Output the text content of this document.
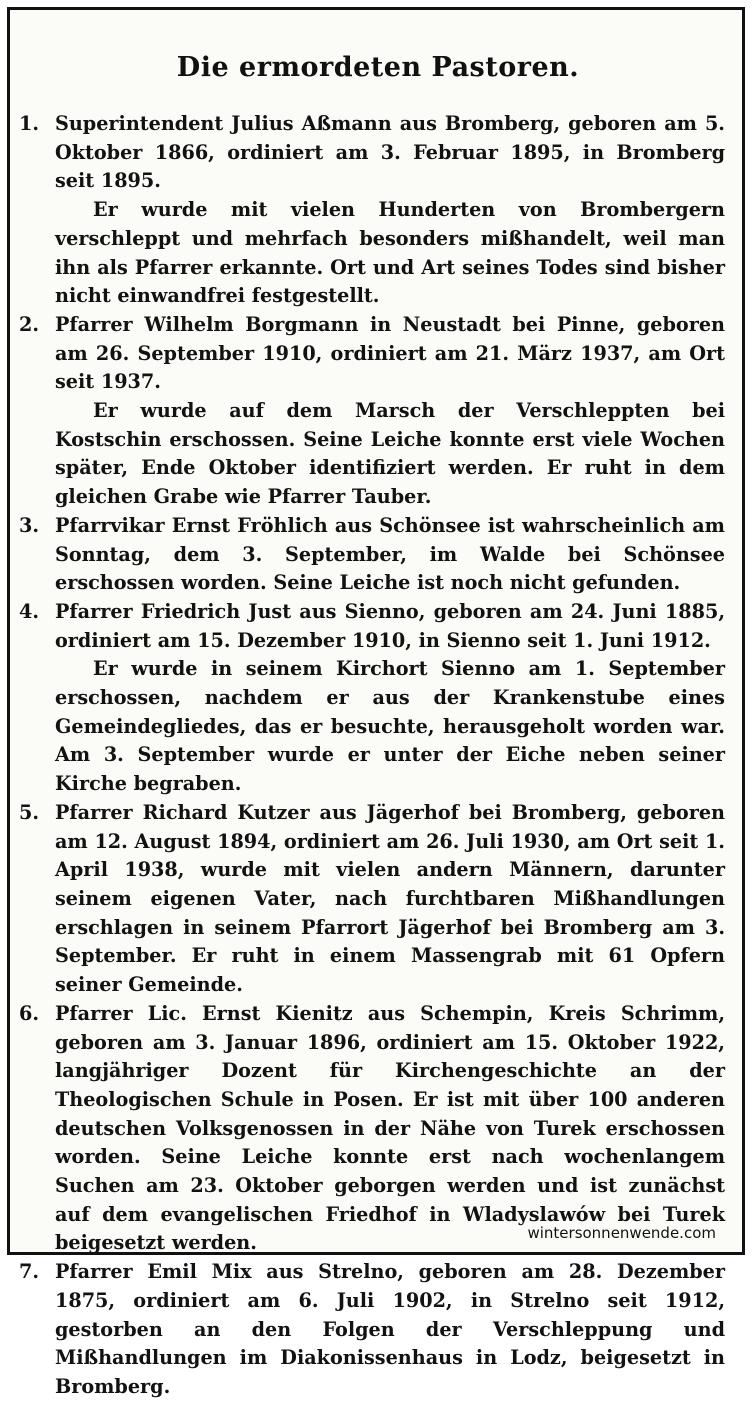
Die ermordeten Pastoren.
1. Superintendent Julius Aßmann aus Bromberg, geboren am 5. Oktober 1866, ordiniert am 3. Februar 1895, in Bromberg seit 1895.
Er wurde mit vielen Hunderten von Brombergern verschleppt und mehrfach besonders mißhandelt, weil man ihn als Pfarrer erkannte. Ort und Art seines Todes sind bisher nicht einwandfrei festgestellt.
2. Pfarrer Wilhelm Borgmann in Neustadt bei Pinne, geboren am 26. September 1910, ordiniert am 21. März 1937, am Ort seit 1937.
Er wurde auf dem Marsch der Verschleppten bei Kostschin erschossen. Seine Leiche konnte erst viele Wochen später, Ende Oktober identifiziert werden. Er ruht in dem gleichen Grabe wie Pfarrer Tauber.
3. Pfarrvikar Ernst Fröhlich aus Schönsee ist wahrscheinlich am Sonntag, dem 3. September, im Walde bei Schönsee erschossen worden. Seine Leiche ist noch nicht gefunden.
4. Pfarrer Friedrich Just aus Sienno, geboren am 24. Juni 1885, ordiniert am 15. Dezember 1910, in Sienno seit 1. Juni 1912.
Er wurde in seinem Kirchort Sienno am 1. September erschossen, nachdem er aus der Krankenstube eines Gemeindegliedes, das er besuchte, herausgeholt worden war. Am 3. September wurde er unter der Eiche neben seiner Kirche begraben.
5. Pfarrer Richard Kutzer aus Jägerhof bei Bromberg, geboren am 12. August 1894, ordiniert am 26. Juli 1930, am Ort seit 1. April 1938, wurde mit vielen andern Männern, darunter seinem eigenen Vater, nach furchtbaren Mißhandlungen erschlagen in seinem Pfarrort Jägerhof bei Bromberg am 3. September. Er ruht in einem Massengrab mit 61 Opfern seiner Gemeinde.
6. Pfarrer Lic. Ernst Kienitz aus Schempin, Kreis Schrimm, geboren am 3. Januar 1896, ordiniert am 15. Oktober 1922, langjähriger Dozent für Kirchengeschichte an der Theologischen Schule in Posen. Er ist mit über 100 anderen deutschen Volksgenossen in der Nähe von Turek erschossen worden. Seine Leiche konnte erst nach wochenlangem Suchen am 23. Oktober geborgen werden und ist zunächst auf dem evangelischen Friedhof in Wladyslawów bei Turek beigesetzt werden.
7. Pfarrer Emil Mix aus Strelno, geboren am 28. Dezember 1875, ordiniert am 6. Juli 1902, in Strelno seit 1912, gestorben an den Folgen der Verschleppung und Mißhandlungen im Diakonissenhaus in Lodz, beigesetzt in Bromberg.
wintersonnenwende.com
